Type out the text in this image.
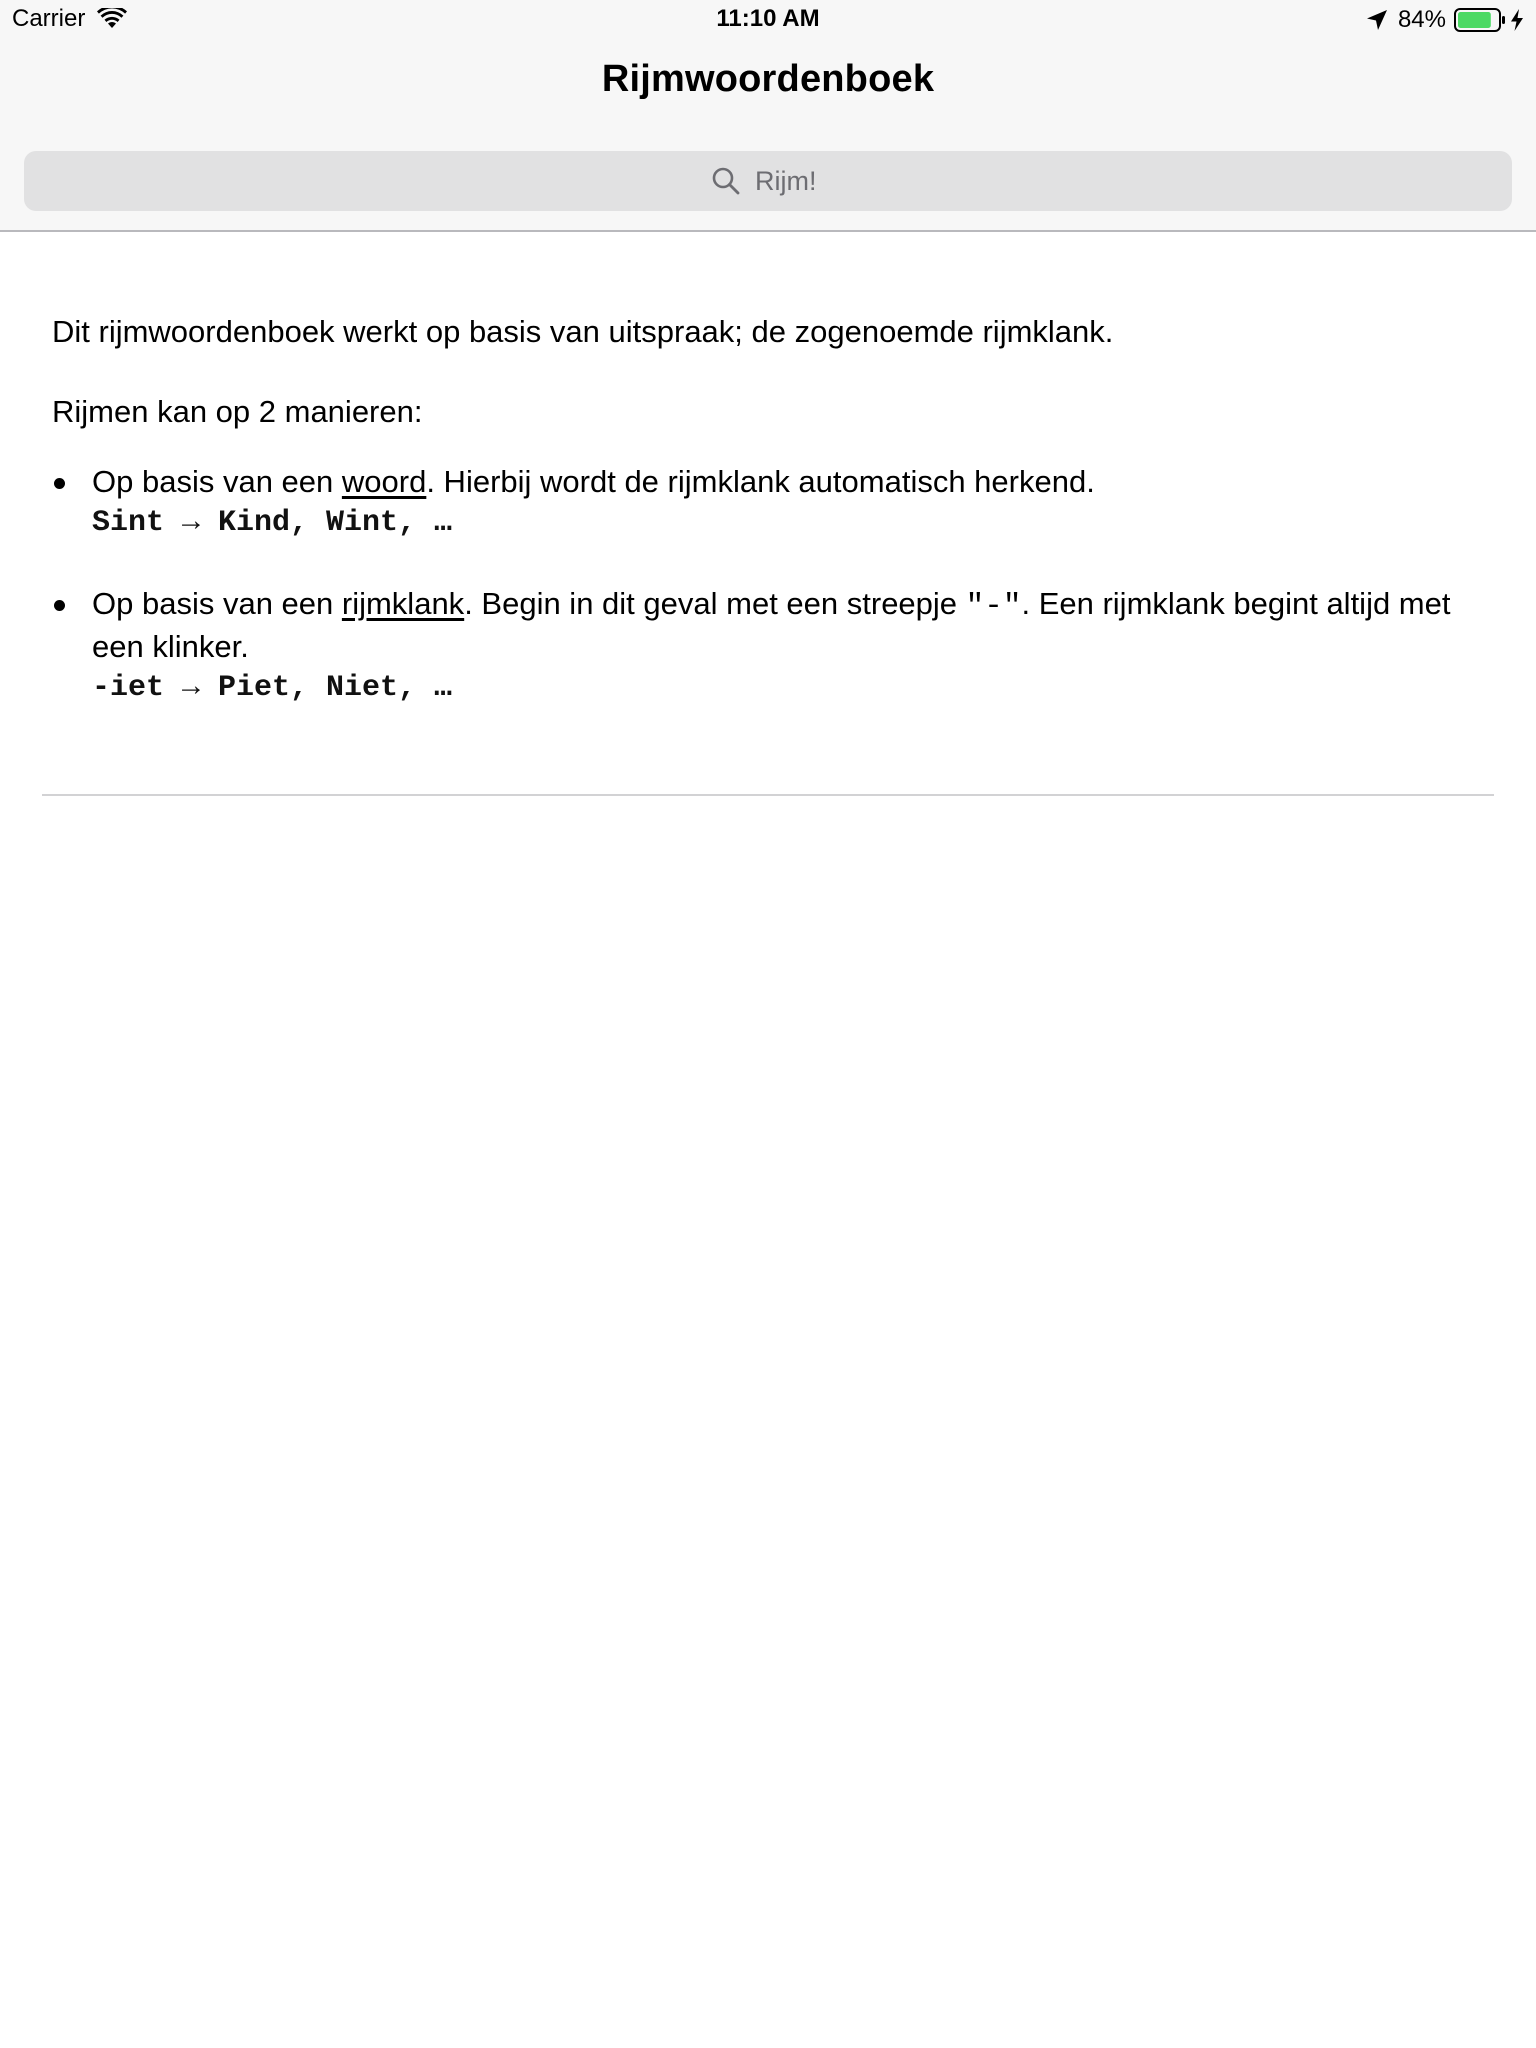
Carrier	11:10 AM	84%
Rijmwoordenboek
Rijm!

Dit rijmwoordenboek werkt op basis van uitspraak; de zogenoemde rijmklank.

Rijmen kan op 2 manieren:

Op basis van een woord. Hierbij wordt de rijmklank automatisch herkend.
Sint → Kind, Wint, …
Op basis van een rijmklank. Begin in dit geval met een streepje "-". Een rijmklank begint altijd met een klinker.
-iet → Piet, Niet, …
